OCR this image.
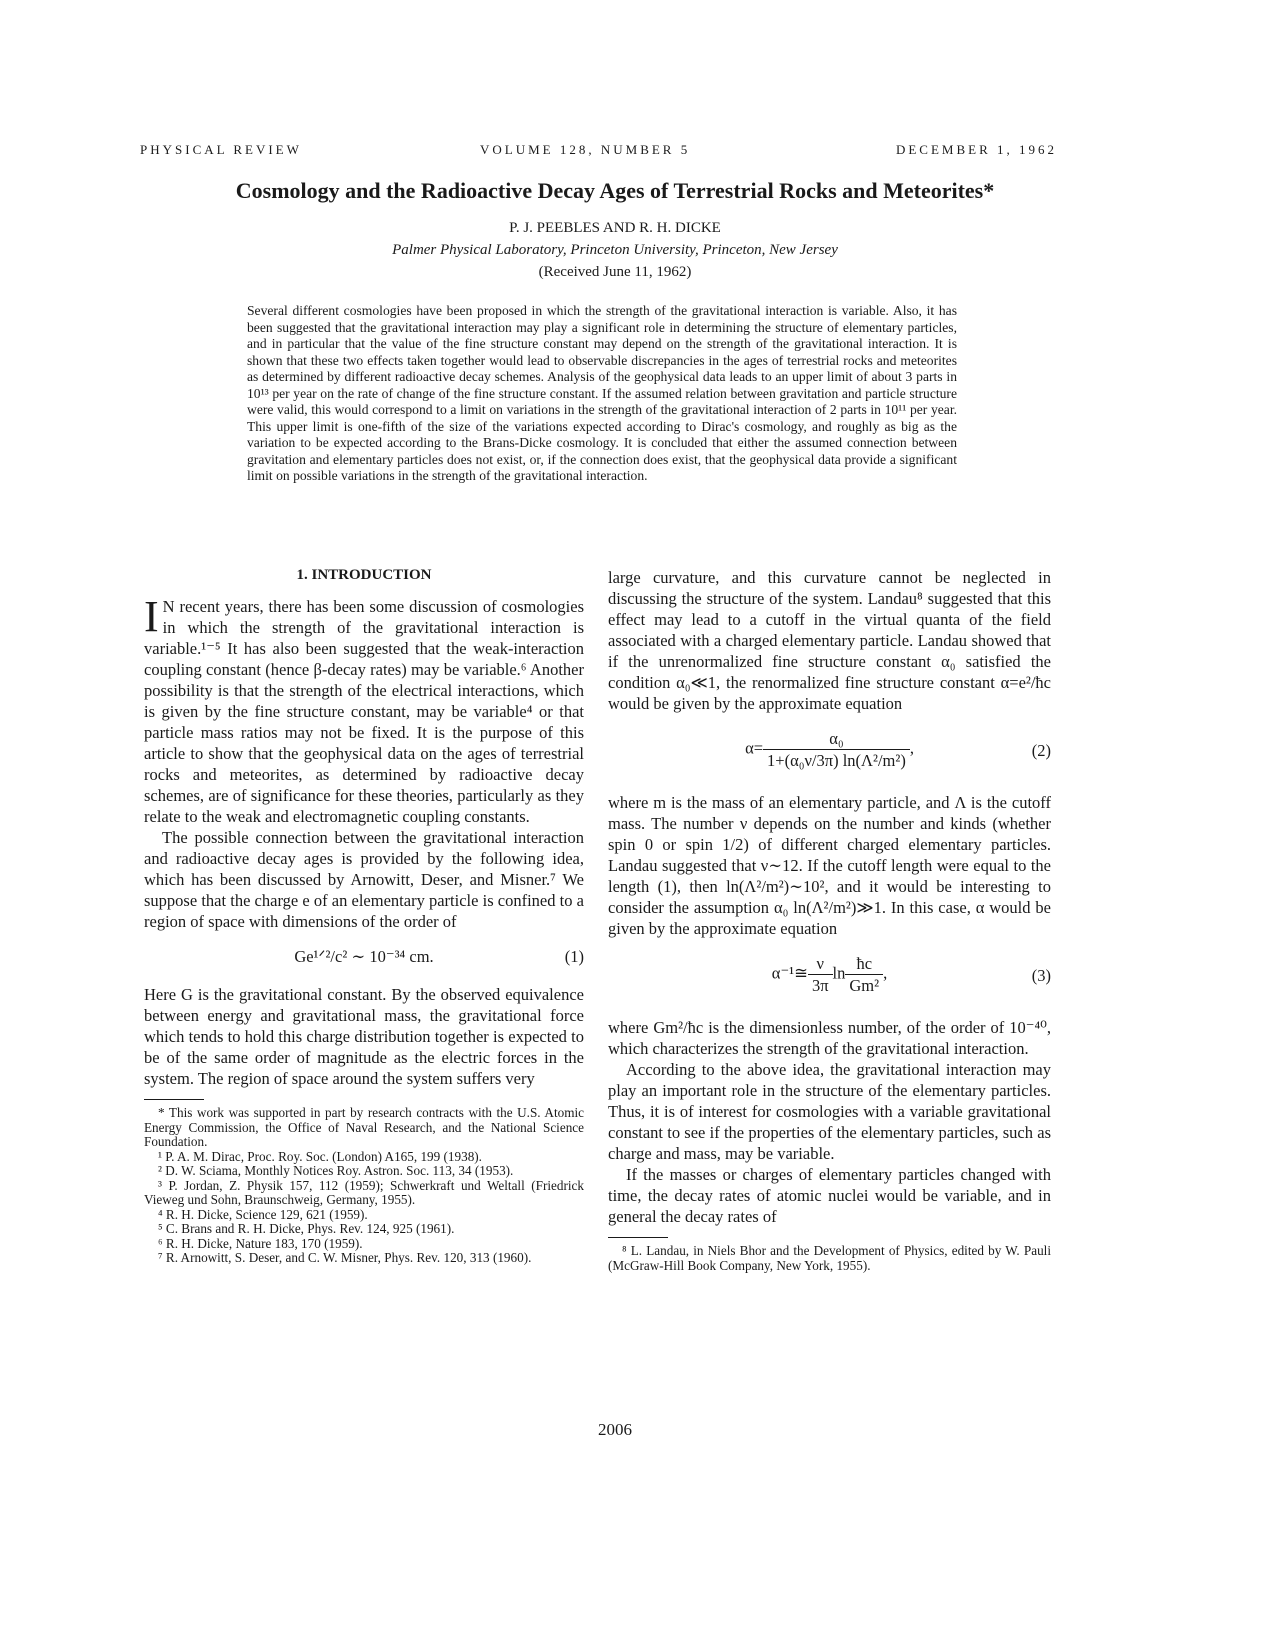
PHYSICAL REVIEW	VOLUME 128, NUMBER 5	DECEMBER 1, 1962
Cosmology and the Radioactive Decay Ages of Terrestrial Rocks and Meteorites*
P. J. PEEBLES AND R. H. DICKE
Palmer Physical Laboratory, Princeton University, Princeton, New Jersey
(Received June 11, 1962)
Several different cosmologies have been proposed in which the strength of the gravitational interaction is variable. Also, it has been suggested that the gravitational interaction may play a significant role in determining the structure of elementary particles, and in particular that the value of the fine structure constant may depend on the strength of the gravitational interaction. It is shown that these two effects taken together would lead to observable discrepancies in the ages of terrestrial rocks and meteorites as determined by different radioactive decay schemes. Analysis of the geophysical data leads to an upper limit of about 3 parts in 10¹³ per year on the rate of change of the fine structure constant. If the assumed relation between gravitation and particle structure were valid, this would correspond to a limit on variations in the strength of the gravitational interaction of 2 parts in 10¹¹ per year. This upper limit is one-fifth of the size of the variations expected according to Dirac's cosmology, and roughly as big as the variation to be expected according to the Brans-Dicke cosmology. It is concluded that either the assumed connection between gravitation and elementary particles does not exist, or, if the connection does exist, that the geophysical data provide a significant limit on possible variations in the strength of the gravitational interaction.
1. INTRODUCTION

I N recent years, there has been some discussion of cosmologies in which the strength of the gravitational interaction is variable.¹⁻⁵ It has also been suggested that the weak-interaction coupling constant (hence β-decay rates) may be variable.⁶ Another possibility is that the strength of the electrical interactions, which is given by the fine structure constant, may be variable⁴ or that particle mass ratios may not be fixed. It is the purpose of this article to show that the geophysical data on the ages of terrestrial rocks and meteorites, as determined by radioactive decay schemes, are of significance for these theories, particularly as they relate to the weak and electromagnetic coupling constants.

The possible connection between the gravitational interaction and radioactive decay ages is provided by the following idea, which has been discussed by Arnowitt, Deser, and Misner.⁷ We suppose that the charge e of an elementary particle is confined to a region of space with dimensions of the order of

Ge¹ᐟ²/c² ∼ 10⁻³⁴ cm.	(1)

Here G is the gravitational constant. By the observed equivalence between energy and gravitational mass, the gravitational force which tends to hold this charge distribution together is expected to be of the same order of magnitude as the electric forces in the system. The region of space around the system suffers very

* This work was supported in part by research contracts with the U.S. Atomic Energy Commission, the Office of Naval Research, and the National Science Foundation.
¹ P. A. M. Dirac, Proc. Roy. Soc. (London) A165, 199 (1938).
² D. W. Sciama, Monthly Notices Roy. Astron. Soc. 113, 34 (1953).
³ P. Jordan, Z. Physik 157, 112 (1959); Schwerkraft und Weltall (Friedrick Vieweg und Sohn, Braunschweig, Germany, 1955).
⁴ R. H. Dicke, Science 129, 621 (1959).
⁵ C. Brans and R. H. Dicke, Phys. Rev. 124, 925 (1961).
⁶ R. H. Dicke, Nature 183, 170 (1959).
⁷ R. Arnowitt, S. Deser, and C. W. Misner, Phys. Rev. 120, 313 (1960).

large curvature, and this curvature cannot be neglected in discussing the structure of the system. Landau⁸ suggested that this effect may lead to a cutoff in the virtual quanta of the field associated with a charged elementary particle. Landau showed that if the unrenormalized fine structure constant α₀ satisfied the condition α₀≪1, the renormalized fine structure constant α=e²/ħc would be given by the approximate equation

$\alpha= \frac{\text{α₀}}{\text{1+(α₀ν/3π) ln(Λ²/m²)}}$ ,	(2)

where m is the mass of an elementary particle, and Λ is the cutoff mass. The number ν depends on the number and kinds (whether spin 0 or spin 1/2) of different charged elementary particles. Landau suggested that ν∼12. If the cutoff length were equal to the length (1), then ln(Λ²/m²)∼10², and it would be interesting to consider the assumption α₀ ln(Λ²/m²)≫1. In this case, α would be given by the approximate equation

α⁻¹≅ $\frac{\nu}{3\pi}$ $\ln \frac{ħc}{\text{Gm²}}$ ,	(3)

where Gm²/ħc is the dimensionless number, of the order of 10⁻⁴⁰, which characterizes the strength of the gravitational interaction.

According to the above idea, the gravitational interaction may play an important role in the structure of the elementary particles. Thus, it is of interest for cosmologies with a variable gravitational constant to see if the properties of the elementary particles, such as charge and mass, may be variable.

If the masses or charges of elementary particles changed with time, the decay rates of atomic nuclei would be variable, and in general the decay rates of

⁸ L. Landau, in Niels Bhor and the Development of Physics, edited by W. Pauli (McGraw-Hill Book Company, New York, 1955).
2006
